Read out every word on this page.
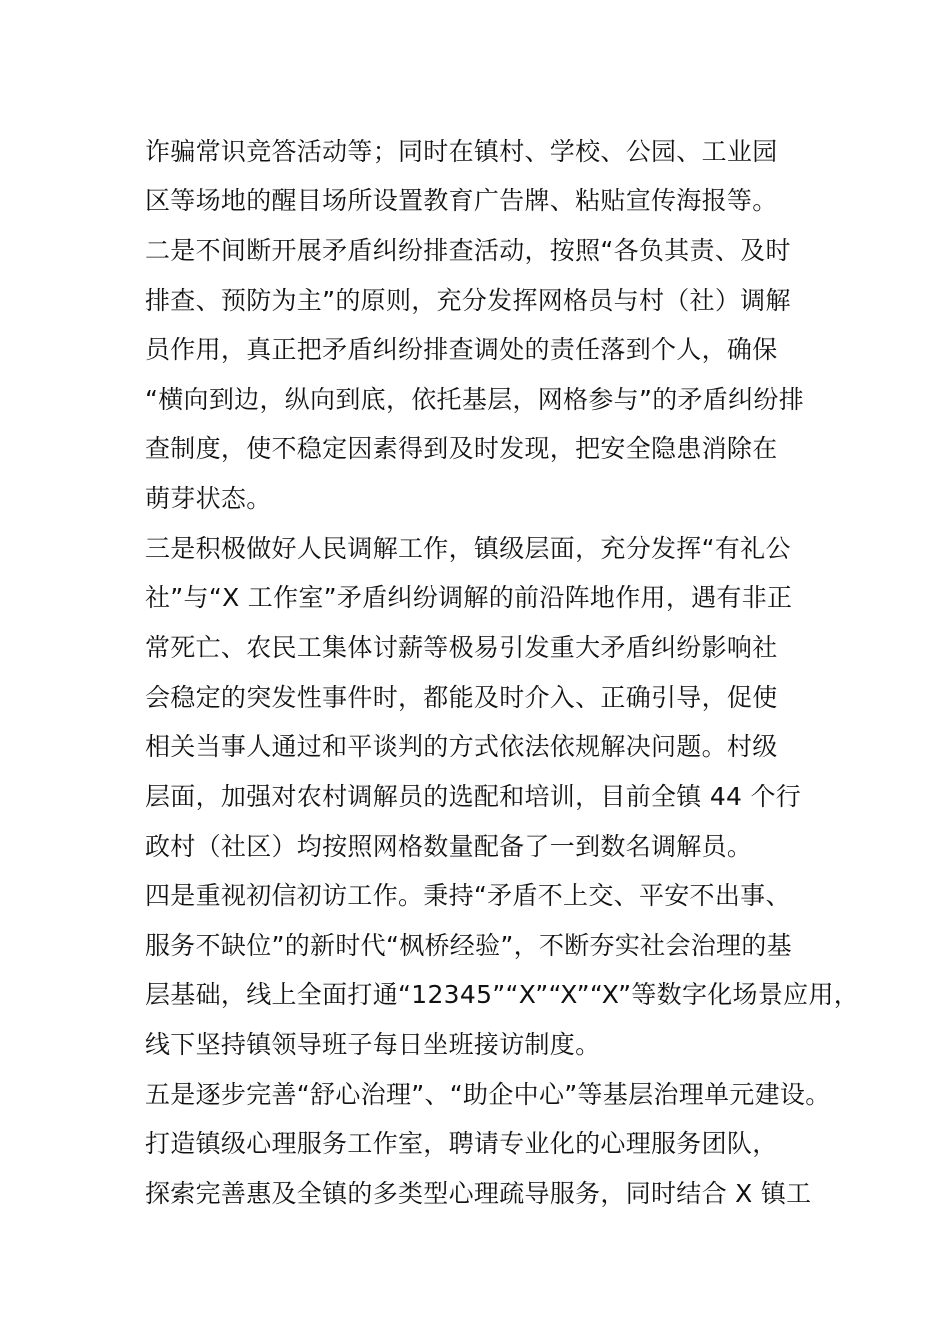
诈骗常识竞答活动等；同时在镇村、学校、公园、工业园
区等场地的醒目场所设置教育广告牌、粘贴宣传海报等。
二是不间断开展矛盾纠纷排查活动，按照“各负其责、及时
排查、预防为主”的原则，充分发挥网格员与村（社）调解
员作用，真正把矛盾纠纷排查调处的责任落到个人，确保
“横向到边，纵向到底，依托基层，网格参与”的矛盾纠纷排
查制度，使不稳定因素得到及时发现，把安全隐患消除在
萌芽状态。
三是积极做好人民调解工作，镇级层面，充分发挥“有礼公
社”与“X 工作室”矛盾纠纷调解的前沿阵地作用，遇有非正
常死亡、农民工集体讨薪等极易引发重大矛盾纠纷影响社
会稳定的突发性事件时，都能及时介入、正确引导，促使
相关当事人通过和平谈判的方式依法依规解决问题。村级
层面，加强对农村调解员的选配和培训，目前全镇 44 个行
政村（社区）均按照网格数量配备了一到数名调解员。
四是重视初信初访工作。秉持“矛盾不上交、平安不出事、
服务不缺位”的新时代“枫桥经验”，不断夯实社会治理的基
层基础，线上全面打通“12345”“X”“X”“X”等数字化场景应用，
线下坚持镇领导班子每日坐班接访制度。
五是逐步完善“舒心治理”、“助企中心”等基层治理单元建设。
打造镇级心理服务工作室，聘请专业化的心理服务团队，
探索完善惠及全镇的多类型心理疏导服务，同时结合 X 镇工
